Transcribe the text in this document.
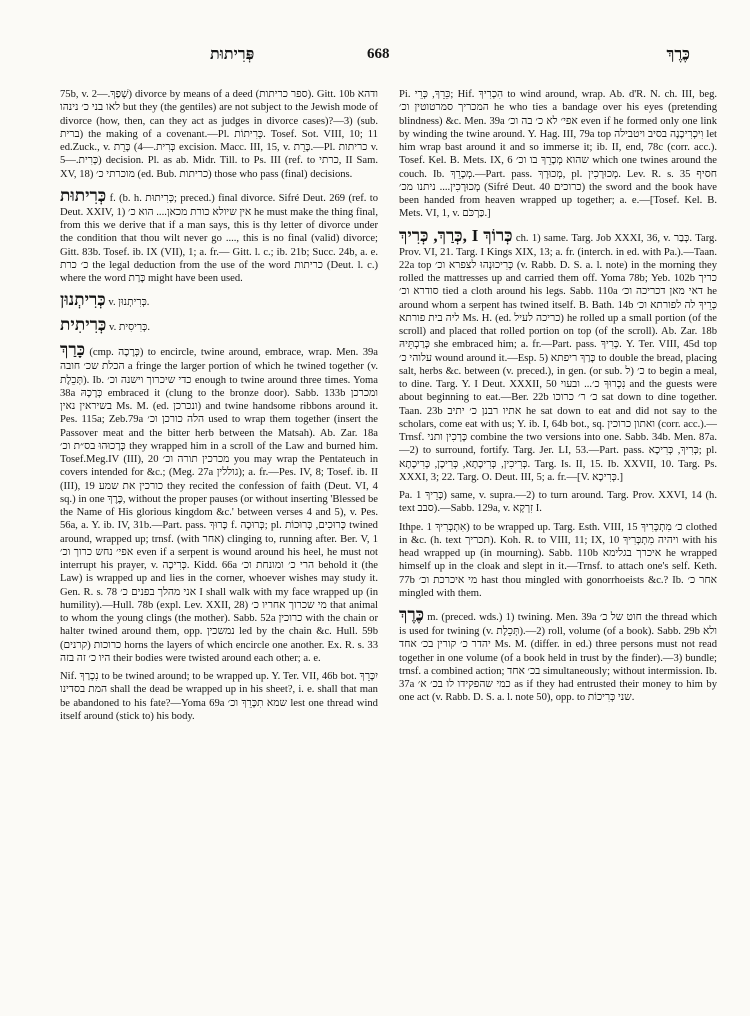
פְּרִיתוּת	668	כֶּרֶךְ

75b, v. שְׁפַךְ.—2) divorce by means of a deed (ספר כריתות). Gitt. 10b ודהא לאו בני כ׳ נינהו but they (the gentiles) are not subject to the Jewish mode of divorce (how, then, can they act as judges in divorce cases)?—3) (sub. ברית) the making of a covenant.—Pl. כְּרִיתוֹת. Tosef. Sot. VIII, 10; 11 ed.Zuck., v. כְּרִית.—4) כָּרֵת excision. Macc. III, 15, v. כָּרֵת.—Pl. כריתות v. כְּרִית.—5) decision. Pl. as ab. Midr. Till. to Ps. III (ref. to כרתי, II Sam. XV, 18) מוכרתי כ׳ (ed. Bub. כריתות) those who pass (final) decisions.

כְּרִיתוּת f. (b. h. כְּרִיתוּת; preced.) final divorce. Sifré Deut. 269 (ref. to Deut. XXIV, 1) אין שיולא כורת מכאן.... הוא כ׳ he must make the thing final, from this we derive that if a man says, this is thy letter of divorce under the condition that thou wilt never go ...., this is no final (valid) divorce; Gitt. 83b. Tosef. ib. IX (VII), 1; a. fr.— Gitt. l. c.; ib. 21b; Succ. 24b, a. e. כ׳ כרת the legal deduction from the use of the word כריתות (Deut. l. c.) where the word כָּרַת might have been used.

כְּרִיתְנוּן v. כְּרִיתְנוּן.

כְּרִיתִית v. כְּרִיסִית.

כָּרַךְ (cmp. כְּרָכָה) to encircle, twine around, embrace, wrap. Men. 39a הכלת שכ׳ חובה a fringe the larger portion of which he twined together (v. תְּכֵלֶת). Ib. כדי שיכרוך וישנה וכ׳ enough to twine around three times. Yoma 38a כְּרָכָהּ embraced it (clung to the bronze door). Sabb. 133b ומכרכן בשיראין נאין Ms. M. (ed. ונכרכן) and twine handsome ribbons around it. Pes. 115a; Zeb.79a הלה כורכן וכ׳ used to wrap them together (insert the Passover meat and the bitter herb between the Matsah). Ab. Zar. 18a כְּרָכוּהוּ בס״ת וכ׳ they wrapped him in a scroll of the Law and burned him. Tosef.Meg.IV (III), 20 מכרכין תורה וכ׳ you may wrap the Pentateuch in covers intended for &c.; (Meg. 27a גוללין); a. fr.—Pes. IV, 8; Tosef. ib. II (III), 19 כורכין את שמע they recited the confession of faith (Deut. VI, 4 sq.) in one כֶּרֶךְ, without the proper pauses (or without inserting 'Blessed be the Name of His glorious kingdom &c.' between verses 4 and 5), v. Pes. 56a, a. Y. ib. IV, 31b.—Part. pass. כָּרוּךְ f. כְּרוּכָה; pl. כְּרוּכִים, כְּרוּכוֹת twined around, wrapped up; trnsf. (with אחר) clinging to, running after. Ber. V, 1 אפי׳ נחש כרוך וכ׳ even if a serpent is wound around his heel, he must not interrupt his prayer, v. כְּרִיכָה. Kidd. 66a הרי כ׳ ומונחת וכ׳ behold it (the Law) is wrapped up and lies in the corner, whoever wishes may study it. Gen. R. s. 78 אני מהלך בפנים כ׳ I shall walk with my face wrapped up (in humility).—Hull. 78b (expl. Lev. XXII, 28) מי שכרוך אחריו כ׳ that animal to whom the young clings (the mother). Sabb. 52a כרוכין with the chain or halter twined around them, opp. נמשכין led by the chain &c. Hull. 59b כרוכות (קרנים) horns the layers of which encircle one another. Ex. R. s. 33 היו כ׳ זה בזה their bodies were twisted around each other; a. e.

Nif. נִכְרַךְ to be twined around; to be wrapped up. Y. Ter. VII, 46b bot. יִכָּרֵךְ המת בסדינו shall the dead be wrapped up in his sheet?, i. e. shall that man be abandoned to his fate?—Yoma 69a שמא תִכָּרֵךְ וכ׳ lest one thread wind itself around (stick to) his body.

Pi. כֵּרֵךְ, כְּרֵי; Hif. הִכְרִיךְ to wind around, wrap. Ab. d'R. N. ch. III, beg. המכריך סמרטוטין וכ׳ he who ties a bandage over his eyes (pretending blindness) &c. Men. 39a אפי׳ לא כ׳ בה וכ׳ even if he formed only one link by winding the twine around. Y. Hag. III, 79a top וִיכְרִיכָנָה בסיב ויטבילה let him wrap bast around it and so immerse it; ib. II, end, 78c (corr. acc.). Tosef. Kel. B. Mets. IX, 6 שהוא מְכָרֵךְ בו וכ׳ which one twines around the couch. Ib. מְכָרֵךְ.—Part. pass. מְכוּרָךְ, pl. מְכוּרָכִין. Lev. R. s. 35 חסיף מְכוּרָכִין.... ניתנו מכ׳ (Sifré Deut. 40 כרוכים) the sword and the book have been handed from heaven wrapped up together; a. e.—[Tosef. Kel. B. Mets. VI, 1, v. כַּרְכֹּם.]

כְּרַךְ, כְּרִיךְ, I כְּרוֹךְ ch. 1) same. Targ. Job XXXI, 36, v. כְּבַר. Targ. Prov. VI, 21. Targ. I Kings XIX, 13; a. fr. (interch. in ed. with Pa.).—Taan. 22a top כְּרִיכוּנְהוּ לצפרא וכ׳ (v. Rabb. D. S. a. l. note) in the morning they rolled the mattresses up and carried them off. Yoma 78b; Yeb. 102b כריך סודרא וכ׳ tied a cloth around his legs. Sabb. 110a דאי מאן דכריכה וכ׳ he around whom a serpent has twined itself. B. Bath. 14b כְּרֵיךְ לה לפורתא וכ׳ ליה בית פורתא Ms. H. (ed. כריכה לעיל) he rolled up a small portion (of the scroll) and placed that rolled portion on top (of the scroll). Ab. Zar. 18b כְּרַכְתֵּיהּ she embraced him; a. fr.—Part. pass. כְּרִיךְ. Y. Ter. VIII, 45d top עלוהי כ׳ wound around it.—Esp. 5) כָּרַךְ ריפתא to double the bread, placing salt, herbs &c. between (v. preced.), in gen. (or sub. ל) כ׳ to begin a meal, to dine. Targ. Y. I Deut. XXXII, 50 נִכְרוּךְ כ׳... ובעוי and the guests were about beginning to eat.—Ber. 22b כ׳ ר׳ כרוכו sat down to dine together. Taan. 23b אתיו רבנן כ׳ יתיב he sat down to eat and did not say to the scholars, come eat with us; Y. ib. I, 64b bot., sq. ואתון כרוכין (corr. acc.).—Trnsf. כָּרְכִין ותני combine the two versions into one. Sabb. 34b. Men. 87a.—2) to surround, fortify. Targ. Jer. LI, 53.—Part. pass. כְּרִיךְ, כְּרִיכָא; pl. כְּרִיכִין, כְּרִיכָתָא, כְּרִיכָן, כְּרִיכָתָא. Targ. Is. II, 15. Ib. XXVII, 10. Targ. Ps. XXXI, 3; 22. Targ. O. Deut. III, 5; a. fr.—[V. כְּרִיכָא.]

Pa. כָּרֵיךְ 1) same, v. supra.—2) to turn around. Targ. Prov. XXVI, 14 (h. text סבב).—Sabb. 129a, v. זִרְקָא I.

Ithpe. אִתְכְּרִיךְ 1) to be wrapped up. Targ. Esth. VIII, 15 כ׳ מִתְכְּרִיךְ clothed in &c. (h. text תכריך). Koh. R. to VIII, 11; IX, 10 ויהיה מִתְכְּרִיךְ with his head wrapped up (in mourning). Sabb. 110b איכרך בגלימא he wrapped himself up in the cloak and slept in it.—Trnsf. to attach one's self. Keth. 77b מי איכרכת וכ׳ hast thou mingled with gonorrhoeists &c.? Ib. אחר כ׳ mingled with them.

כֶּרֶךְ m. (preced. wds.) 1) twining. Men. 39a חוט של כ׳ the thread which is used for twining (v. תְּכֵלֶת).—2) roll, volume (of a book). Sabb. 29b ולא יהדר כ׳ קורין בכ׳ אחד Ms. M. (differ. in ed.) three persons must not read together in one volume (of a book held in trust by the finder).—3) bundle; trnsf. a combined action; בכ׳ אחד simultaneously; without intermission. Ib. 37a כמי שהפקידו לו בכ׳ א׳ as if they had entrusted their money to him by one act (v. Rabb. D. S. a. l. note 50), opp. to שני כְּרִיכוֹת.
